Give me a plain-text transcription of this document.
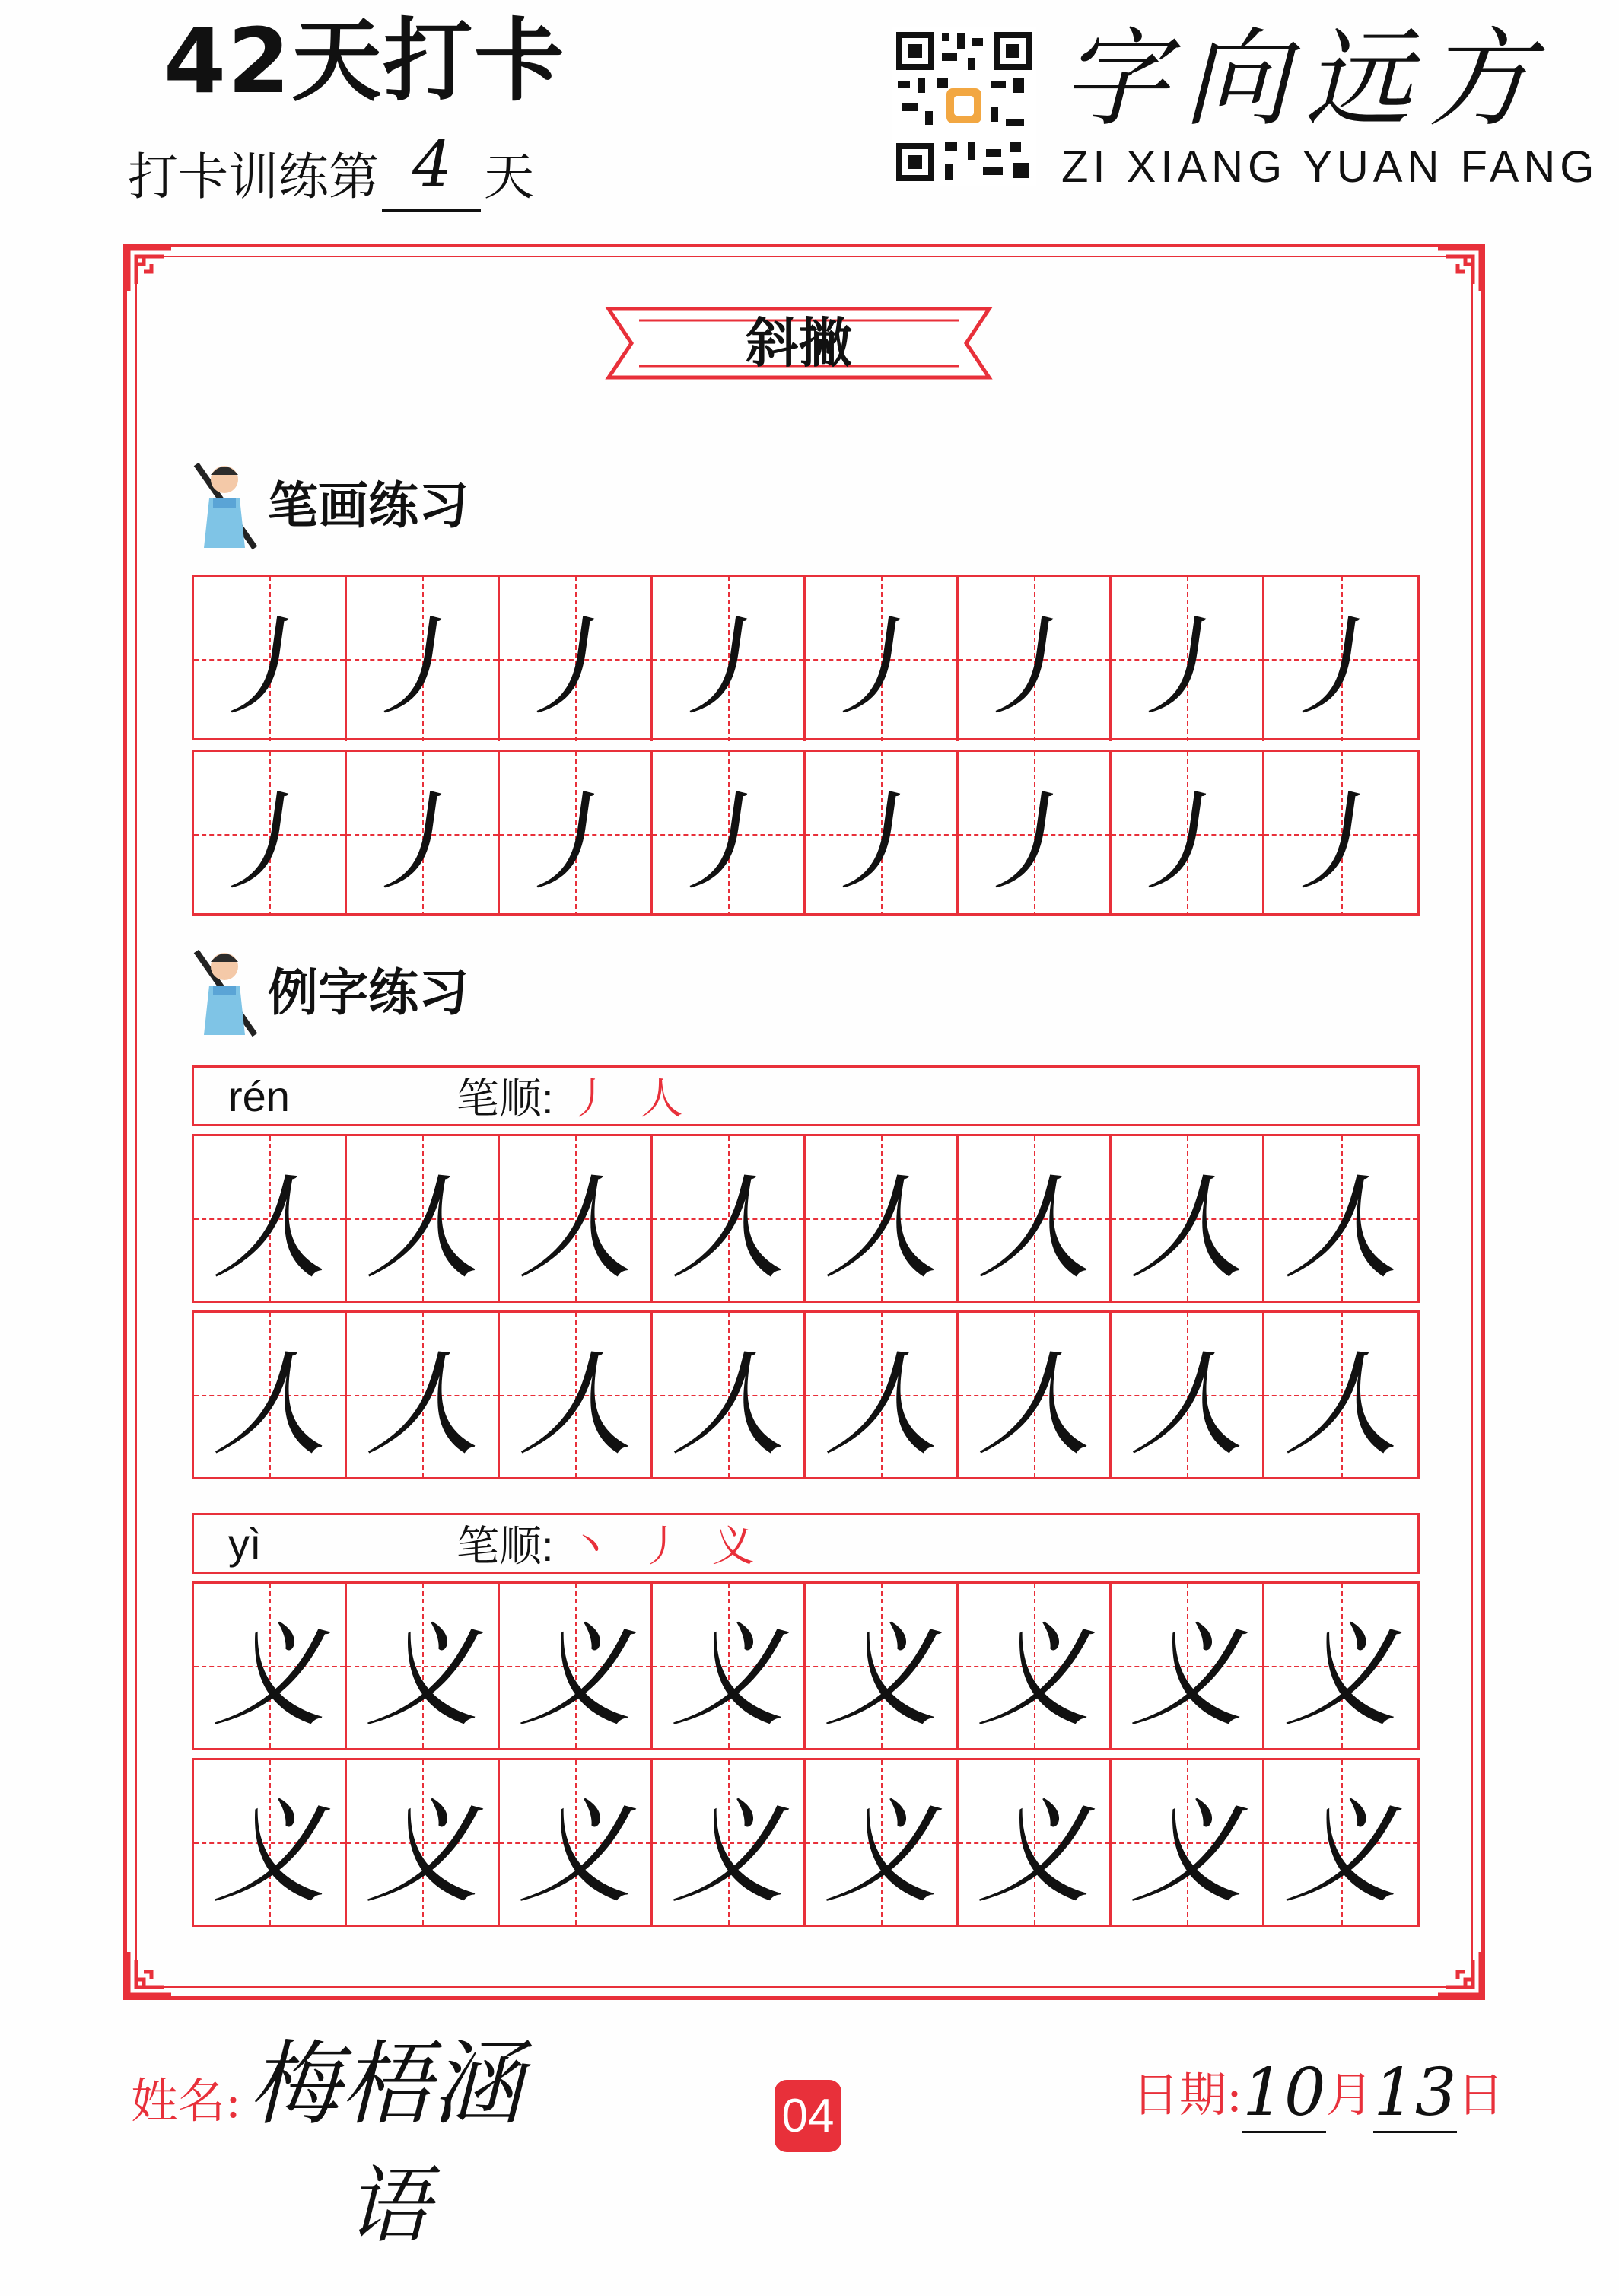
42天打卡
打卡训练第 4 天
字向远方
ZI XIANG YUAN FANG
斜撇
笔画练习
丿 丿 丿 丿 丿 丿 丿 丿
丿 丿 丿 丿 丿 丿 丿 丿
例字练习
rén	笔顺: 丿 人
人 人 人 人 人 人 人 人
人 人 人 人 人 人 人 人
yì	笔顺: 丶 丿 义
义 义 义 义 义 义 义 义
义 义 义 义 义 义 义 义
姓名: 梅梧涵
语
04	日期: 10 月 13 日
